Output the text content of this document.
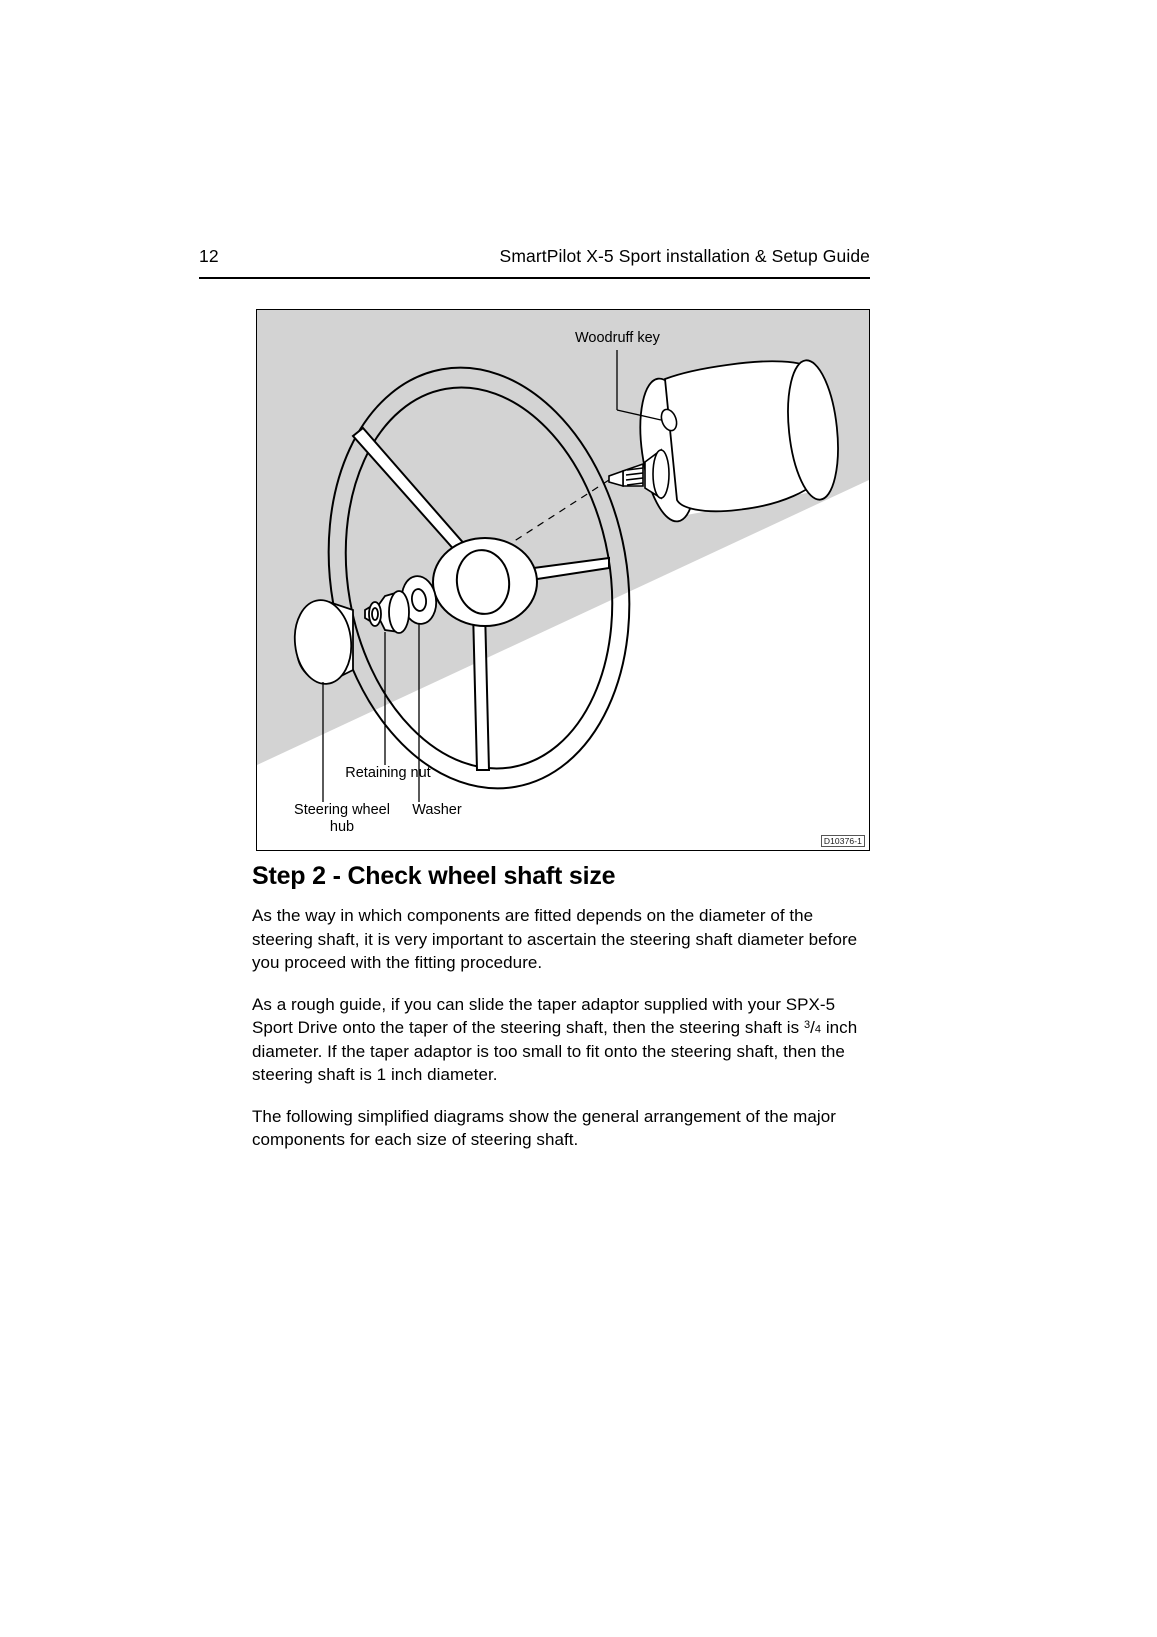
12	SmartPilot X-5 Sport installation & Setup Guide
Woodruff key
Retaining nut
Steering wheel hub
Washer
D10376-1
Step 2 - Check wheel shaft size

As the way in which components are fitted depends on the diameter of the steering shaft, it is very important to ascertain the steering shaft diameter before you proceed with the fitting procedure.

As a rough guide, if you can slide the taper adaptor supplied with your SPX-5 Sport Drive onto the taper of the steering shaft, then the steering shaft is $^3/_4$ inch diameter. If the taper adaptor is too small to fit onto the steering shaft, then the steering shaft is 1 inch diameter.

The following simplified diagrams show the general arrangement of the major components for each size of steering shaft.
